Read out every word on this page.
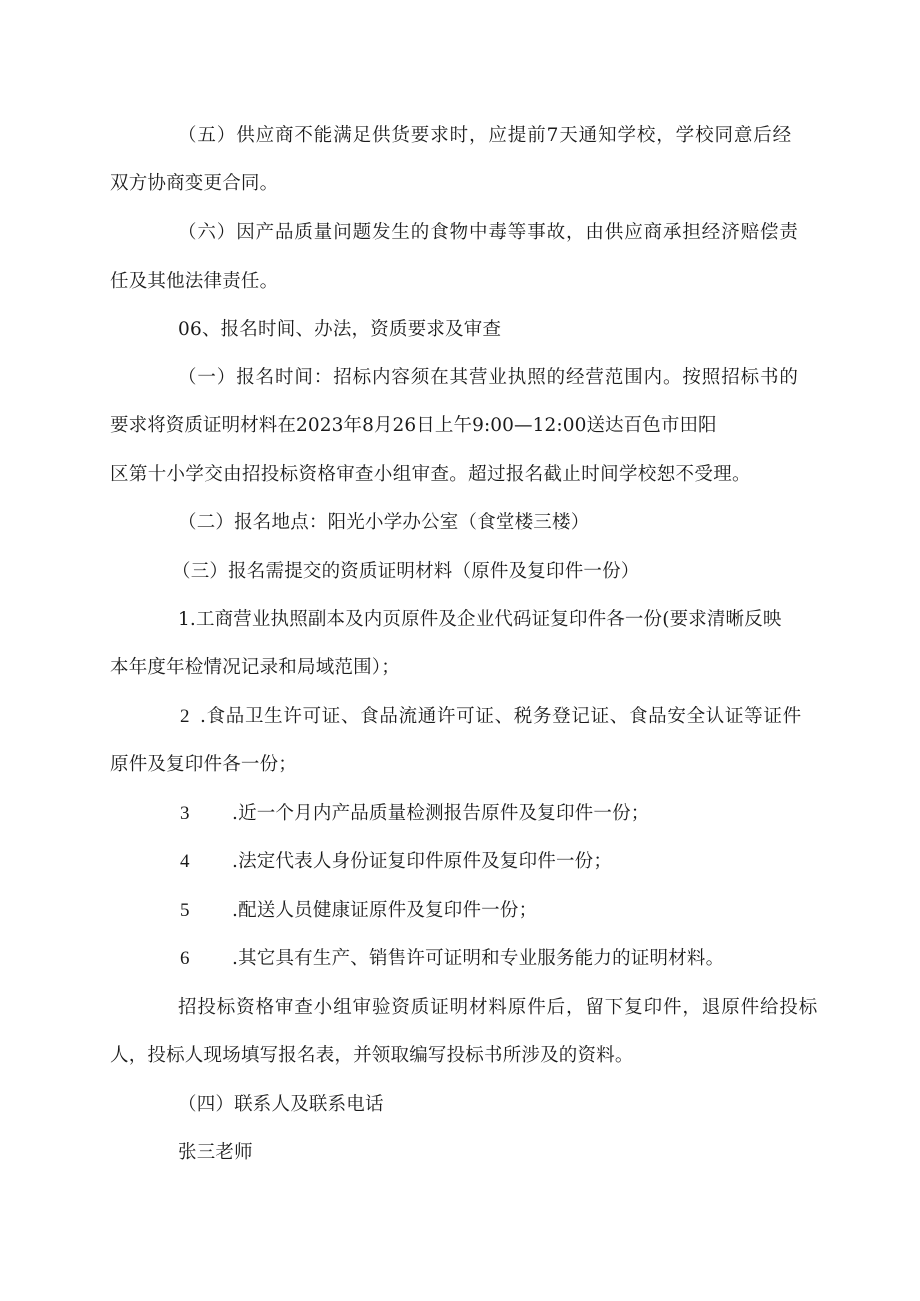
（五）供应商不能满足供货要求时，应提前7天通知学校，学校同意后经
双方协商变更合同。
（六）因产品质量问题发生的食物中毒等事故，由供应商承担经济赔偿责
任及其他法律责任。
06、报名时间、办法，资质要求及审查
（一）报名时间：招标内容须在其营业执照的经营范围内。按照招标书的
要求将资质证明材料在2023年8月26日上午9:00—12:00送达百色市田阳
区第十小学交由招投标资格审查小组审查。超过报名截止时间学校恕不受理。
（二）报名地点：阳光小学办公室（食堂楼三楼）
（三）报名需提交的资质证明材料（原件及复印件一份）
1.工商营业执照副本及内页原件及企业代码证复印件各一份(要求清晰反映
本年度年检情况记录和局域范围）；
2 .食品卫生许可证、食品流通许可证、税务登记证、食品安全认证等证件
原件及复印件各一份；
3 .近一个月内产品质量检测报告原件及复印件一份；
4 .法定代表人身份证复印件原件及复印件一份；
5 .配送人员健康证原件及复印件一份；
6 .其它具有生产、销售许可证明和专业服务能力的证明材料。
招投标资格审查小组审验资质证明材料原件后，留下复印件，退原件给投标
人，投标人现场填写报名表，并领取编写投标书所涉及的资料。
（四）联系人及联系电话
张三老师
